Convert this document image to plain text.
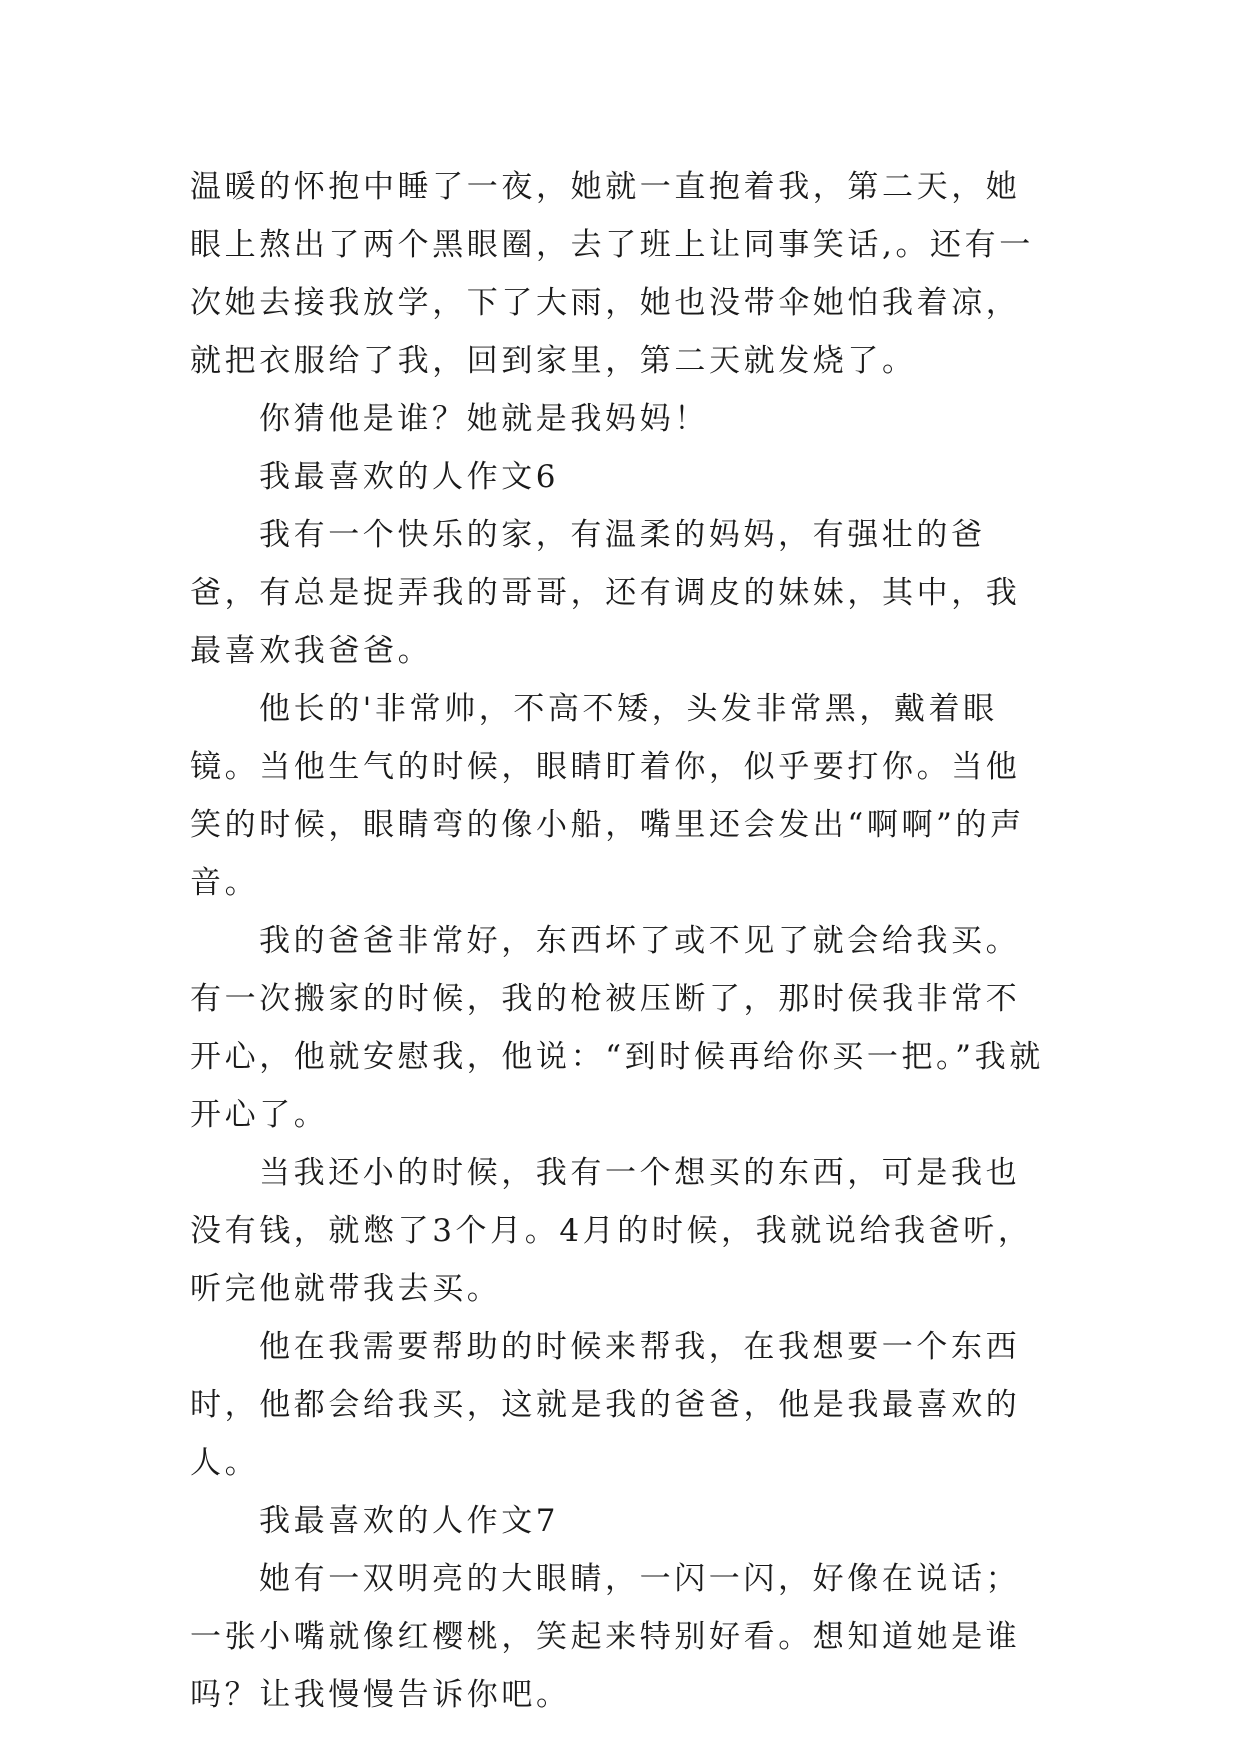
温暖的怀抱中睡了一夜，她就一直抱着我，第二天，她眼上熬出了两个黑眼圈，去了班上让同事笑话,。还有一次她去接我放学，下了大雨，她也没带伞她怕我着凉，就把衣服给了我，回到家里，第二天就发烧了。

你猜他是谁？她就是我妈妈！

我最喜欢的人作文6

我有一个快乐的家，有温柔的妈妈，有强壮的爸爸，有总是捉弄我的哥哥，还有调皮的妹妹，其中，我最喜欢我爸爸。

他长的'非常帅，不高不矮，头发非常黑，戴着眼镜。当他生气的时候，眼睛盯着你，似乎要打你。当他笑的时候，眼睛弯的像小船，嘴里还会发出“啊啊”的声音。

我的爸爸非常好，东西坏了或不见了就会给我买。有一次搬家的时候，我的枪被压断了，那时侯我非常不开心，他就安慰我，他说：“到时候再给你买一把。”我就开心了。

当我还小的时候，我有一个想买的东西，可是我也没有钱，就憋了3个月。4月的时候，我就说给我爸听，听完他就带我去买。

他在我需要帮助的时候来帮我，在我想要一个东西时，他都会给我买，这就是我的爸爸，他是我最喜欢的人。

我最喜欢的人作文7

她有一双明亮的大眼睛，一闪一闪，好像在说话；一张小嘴就像红樱桃，笑起来特别好看。想知道她是谁吗？让我慢慢告诉你吧。
